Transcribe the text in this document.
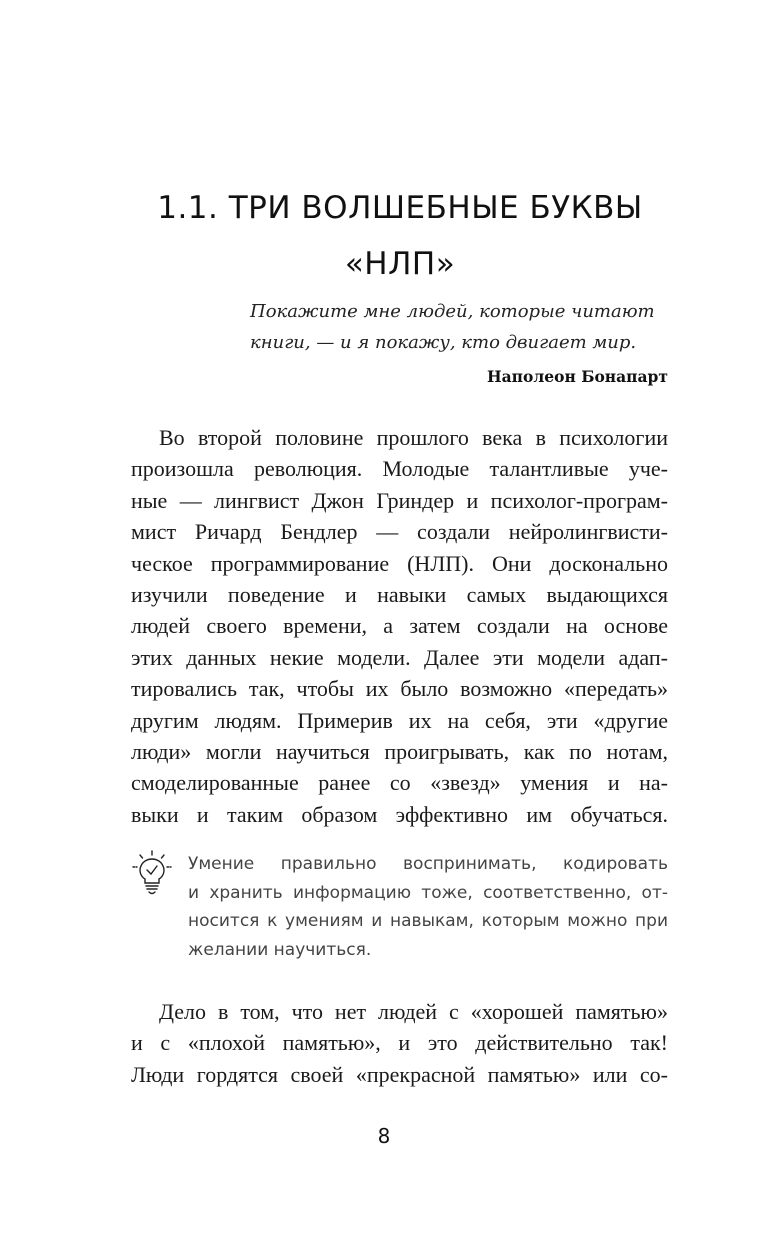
1.1. ТРИ ВОЛШЕБНЫЕ БУКВЫ
«НЛП»

Покажите мне людей, которые читают
книги, — и я покажу, кто двигает мир.

Наполеон Бонапарт
Во второй половине прошлого века в психологии
произошла революция. Молодые талантливые уче-
ные — лингвист Джон Гриндер и психолог-програм-
мист Ричард Бендлер — создали нейролингвисти-
ческое программирование (НЛП). Они досконально
изучили поведение и навыки самых выдающихся
людей своего времени, а затем создали на основе
этих данных некие модели. Далее эти модели адап-
тировались так, чтобы их было возможно «передать»
другим людям. Примерив их на себя, эти «другие
люди» могли научиться проигрывать, как по нотам,
смоделированные ранее со «звезд» умения и на-
выки и таким образом эффективно им обучаться.

Умение правильно воспринимать, кодировать
и хранить информацию тоже, соответственно, от-
носится к умениям и навыкам, которым можно при
желании научиться.

Дело в том, что нет людей с «хорошей памятью»
и с «плохой памятью», и это действительно так!
Люди гордятся своей «прекрасной памятью» или со-
8
